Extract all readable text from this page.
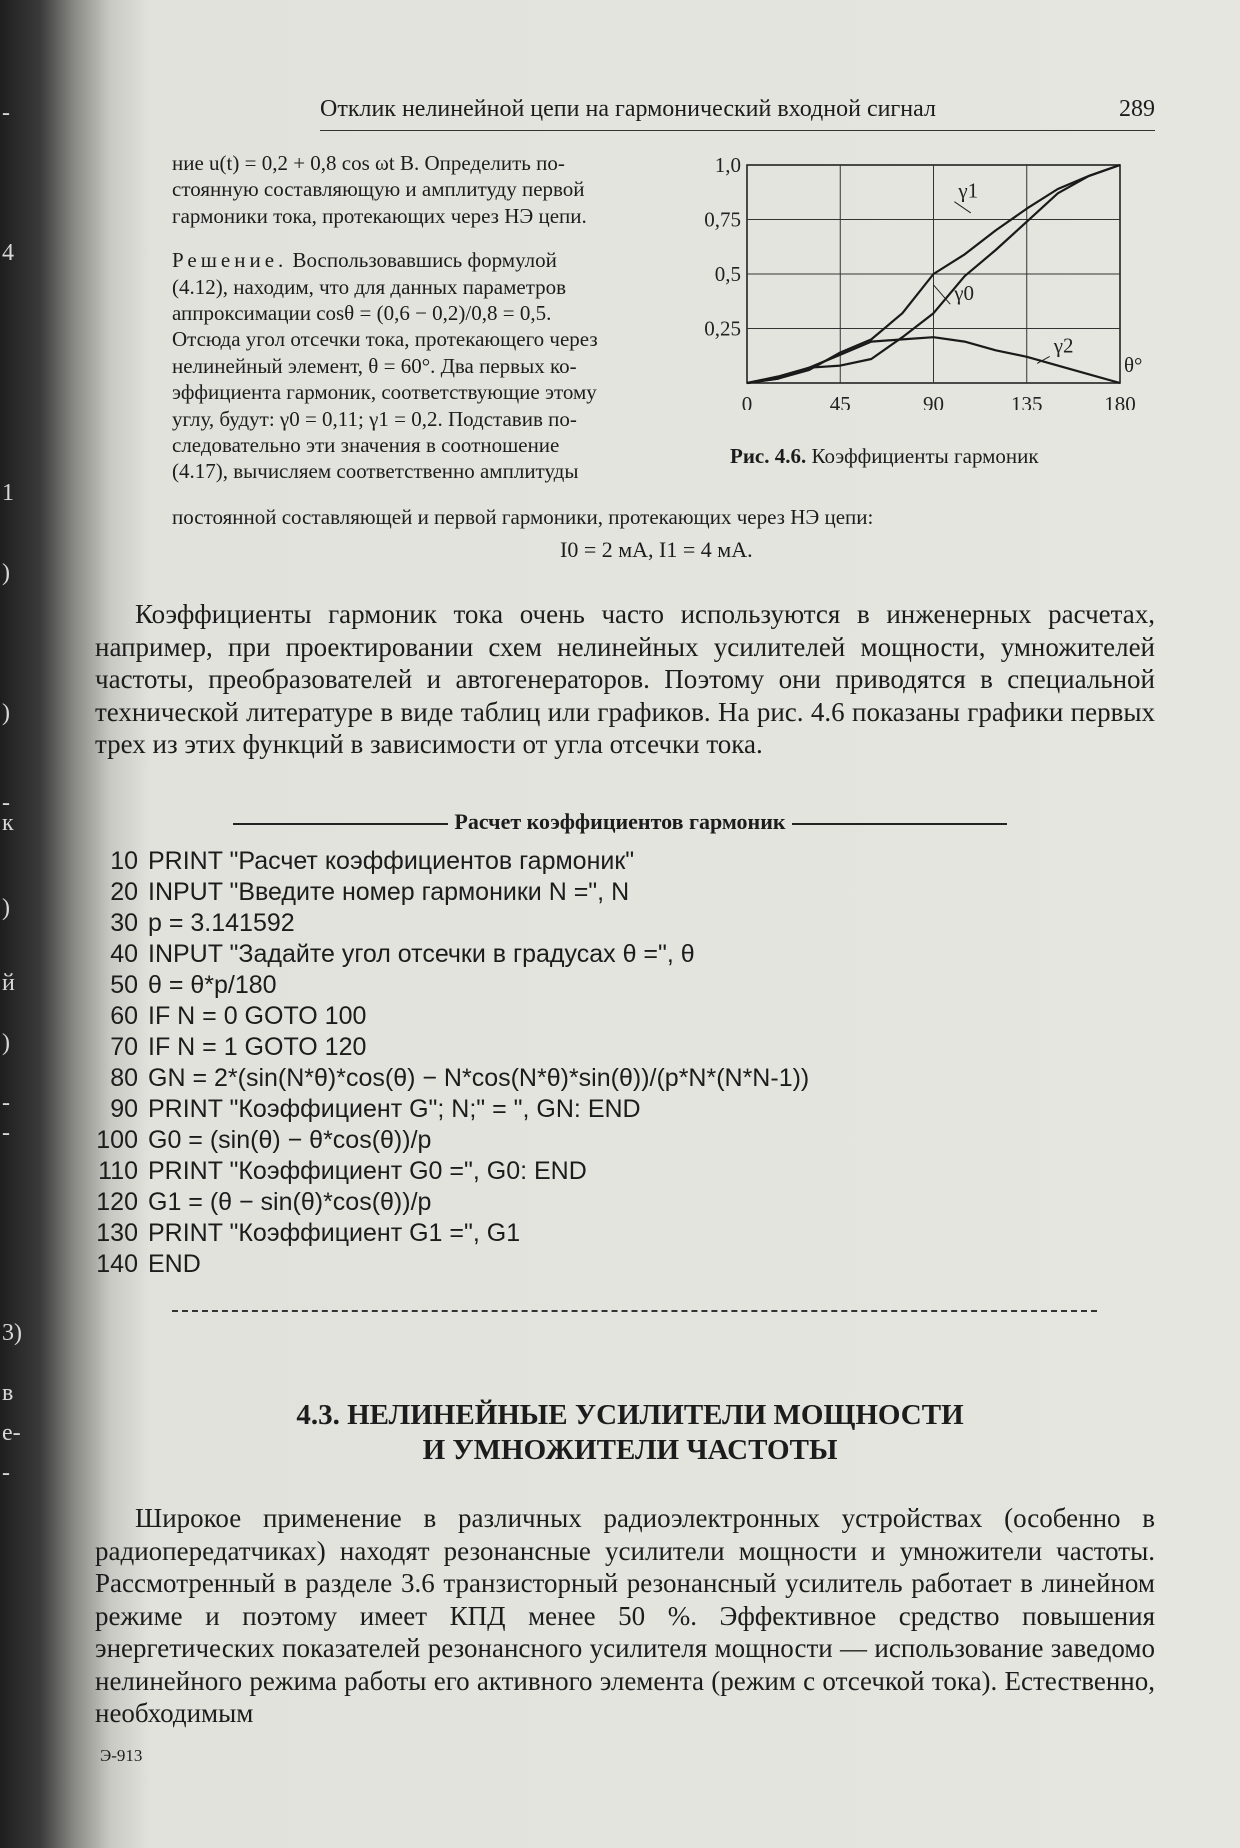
-
1
)
4
)
-
к
)
й
)
-
-
3)
в
е-
-
Отклик нелинейной цепи на гармонический входной сигнал	289

ние u(t) = 0,2 + 0,8 cos ωt В. Определить по-
стоянную составляющую и амплитуду первой
гармоники тока, протекающих через НЭ цепи.

Решение. Воспользовавшись формулой
(4.12), находим, что для данных параметров
аппроксимации cosθ = (0,6 − 0,2)/0,8 = 0,5.
Отсюда угол отсечки тока, протекающего через
нелинейный элемент, θ = 60°. Два первых ко-
эффициента гармоник, соответствующие этому
углу, будут: γ0 = 0,11; γ1 = 0,2. Подставив по-
следовательно эти значения в соотношение
(4.17), вычисляем соответственно амплитуды

постоянной составляющей и первой гармоники, протекающих через НЭ цепи:
I0 = 2 мА, I1 = 4 мА.
0	45	90	135	180
1,0
0,75
0,5
0,25
θ°
γ1
γ0
γ2
Рис. 4.6. Коэффициенты гармоник

Коэффициенты гармоник тока очень часто используются в инженерных расчетах, например, при проектировании схем нелинейных усилителей мощности, умножителей частоты, преобразователей и автогенераторов. Поэтому они приводятся в специальной технической литературе в виде таблиц или графиков. На рис. 4.6 показаны графики первых трех из этих функций в зависимости от угла отсечки тока.

Расчет коэффициентов гармоник
10 PRINT "Расчет коэффициентов гармоник"
20 INPUT "Введите номер гармоники N =", N
30 p = 3.141592
40 INPUT "Задайте угол отсечки в градусах θ =", θ
50 θ = θ*p/180
60 IF N = 0 GOTO 100
70 IF N = 1 GOTO 120
80 GN = 2*(sin(N*θ)*cos(θ) − N*cos(N*θ)*sin(θ))/(p*N*(N*N-1))
90 PRINT "Коэффициент G"; N;" = ", GN: END
100 G0 = (sin(θ) − θ*cos(θ))/p
110 PRINT "Коэффициент G0 =", G0: END
120 G1 = (θ − sin(θ)*cos(θ))/p
130 PRINT "Коэффициент G1 =", G1
140 END
4.3. НЕЛИНЕЙНЫЕ УСИЛИТЕЛИ МОЩНОСТИ
И УМНОЖИТЕЛИ ЧАСТОТЫ

Широкое применение в различных радиоэлектронных устройствах (особенно в радиопередатчиках) находят резонансные усилители мощности и умножители частоты. Рассмотренный в разделе 3.6 транзисторный резонансный усилитель работает в линейном режиме и поэтому имеет КПД менее 50 %. Эффективное средство повышения энергетических показателей резонансного усилителя мощности — использование заведомо нелинейного режима работы его активного элемента (режим с отсечкой тока). Естественно, необходимым

Э-913
